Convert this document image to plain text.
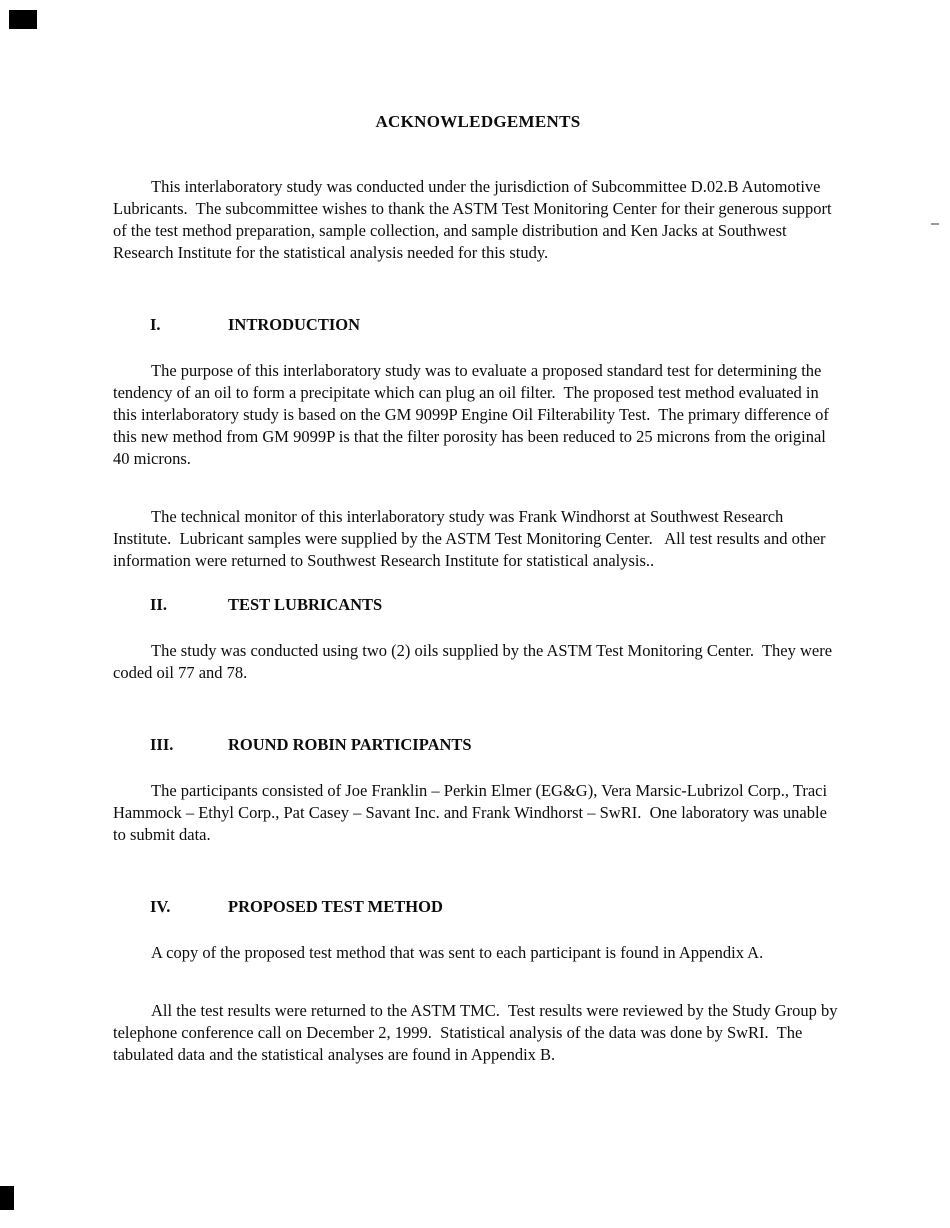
ACKNOWLEDGEMENTS

This interlaboratory study was conducted under the jurisdiction of Subcommittee D.02.B Automotive Lubricants.  The subcommittee wishes to thank the ASTM Test Monitoring Center for their generous support of the test method preparation, sample collection, and sample distribution and Ken Jacks at Southwest Research Institute for the statistical analysis needed for this study.

I.	INTRODUCTION

The purpose of this interlaboratory study was to evaluate a proposed standard test for determining the tendency of an oil to form a precipitate which can plug an oil filter.  The proposed test method evaluated in this interlaboratory study is based on the GM 9099P Engine Oil Filterability Test.  The primary difference of this new method from GM 9099P is that the filter porosity has been reduced to 25 microns from the original 40 microns.

The technical monitor of this interlaboratory study was Frank Windhorst at Southwest Research Institute.  Lubricant samples were supplied by the ASTM Test Monitoring Center.   All test results and other information were returned to Southwest Research Institute for statistical analysis..

II.	TEST LUBRICANTS

The study was conducted using two (2) oils supplied by the ASTM Test Monitoring Center.  They were coded oil 77 and 78.

III.	ROUND ROBIN PARTICIPANTS

The participants consisted of Joe Franklin – Perkin Elmer (EG&G), Vera Marsic-Lubrizol Corp., Traci Hammock – Ethyl Corp., Pat Casey – Savant Inc. and Frank Windhorst – SwRI.  One laboratory was unable to submit data.

IV.	PROPOSED TEST METHOD

A copy of the proposed test method that was sent to each participant is found in Appendix A.

All the test results were returned to the ASTM TMC.  Test results were reviewed by the Study Group by telephone conference call on December 2, 1999.  Statistical analysis of the data was done by SwRI.  The tabulated data and the statistical analyses are found in Appendix B.
